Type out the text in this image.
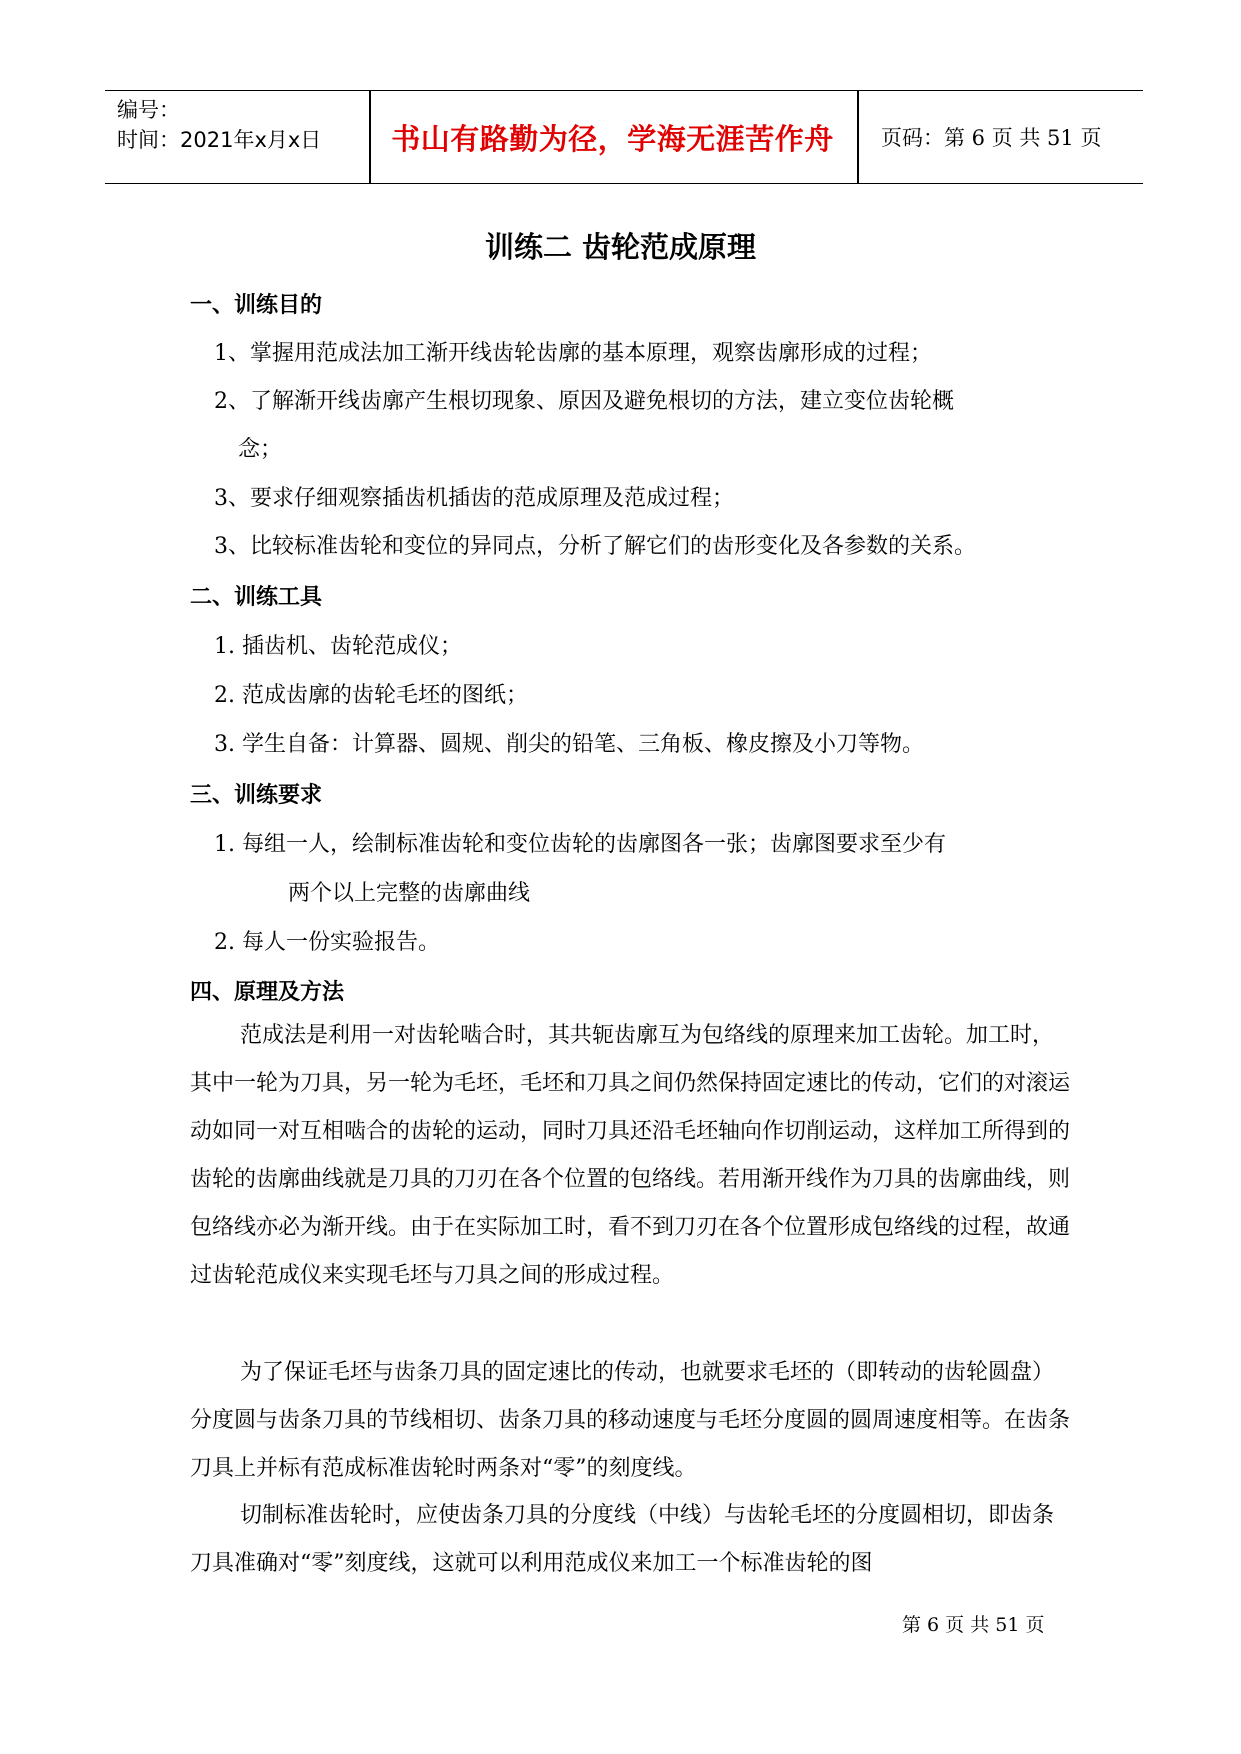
编号：
时间：2021年x月x日	书山有路勤为径，学海无涯苦作舟	页码：第 6 页 共 51 页
训练二 齿轮范成原理
一、训练目的
1、掌握用范成法加工渐开线齿轮齿廓的基本原理，观察齿廓形成的过程；
2、了解渐开线齿廓产生根切现象、原因及避免根切的方法，建立变位齿轮概
念；
3、要求仔细观察插齿机插齿的范成原理及范成过程；
3、比较标准齿轮和变位的异同点，分析了解它们的齿形变化及各参数的关系。
二、训练工具
1. 插齿机、齿轮范成仪；
2. 范成齿廓的齿轮毛坯的图纸；
3. 学生自备：计算器、圆规、削尖的铅笔、三角板、橡皮擦及小刀等物。
三、训练要求
1. 每组一人，绘制标准齿轮和变位齿轮的齿廓图各一张；齿廓图要求至少有
两个以上完整的齿廓曲线
2. 每人一份实验报告。
四、原理及方法
范成法是利用一对齿轮啮合时，其共轭齿廓互为包络线的原理来加工齿轮。加工时，其中一轮为刀具，另一轮为毛坯，毛坯和刀具之间仍然保持固定速比的传动，它们的对滚运动如同一对互相啮合的齿轮的运动，同时刀具还沿毛坯轴向作切削运动，这样加工所得到的齿轮的齿廓曲线就是刀具的刀刃在各个位置的包络线。若用渐开线作为刀具的齿廓曲线，则包络线亦必为渐开线。由于在实际加工时，看不到刀刃在各个位置形成包络线的过程，故通过齿轮范成仪来实现毛坯与刀具之间的形成过程。
为了保证毛坯与齿条刀具的固定速比的传动，也就要求毛坯的（即转动的齿轮圆盘）分度圆与齿条刀具的节线相切、齿条刀具的移动速度与毛坯分度圆的圆周速度相等。在齿条刀具上并标有范成标准齿轮时两条对“零”的刻度线。
切制标准齿轮时，应使齿条刀具的分度线（中线）与齿轮毛坯的分度圆相切，即齿条刀具准确对“零”刻度线，这就可以利用范成仪来加工一个标准齿轮的图
第 6 页 共 51 页
